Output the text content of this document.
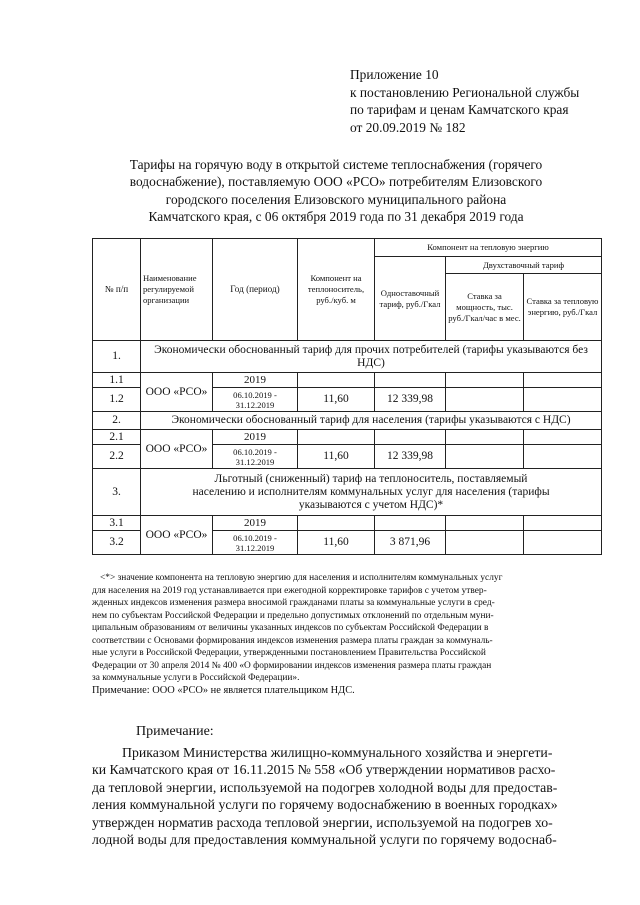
Приложение 10
к постановлению Региональной службы
по тарифам и ценам Камчатского края
от 20.09.2019 № 182
Тарифы на горячую воду в открытой системе теплоснабжения (горячего
водоснабжение), поставляемую ООО «РСО» потребителям Елизовского
городского поселения Елизовского муниципального района
Камчатского края, с 06 октября 2019 года по 31 декабря 2019 года
№ п/п	Наименование регулируемой организации	Год (период)	Компонент на теплоноситель, руб./куб. м	Компонент на тепловую энергию		
				Одноставочный тариф, руб./Гкал	Двухставочный тариф	
					Ставка за мощность, тыс. руб./Гкал/час в мес.	Ставка за тепловую энергию, руб./Гкал
1.	Экономически обоснованный тариф для прочих потребителей (тарифы указываются без НДС)					
1.1	ООО «РСО»	2019				
1.2		06.10.2019 - 31.12.2019	11,60	12 339,98		
2.	Экономически обоснованный тариф для населения (тарифы указываются с НДС)					
2.1	ООО «РСО»	2019				
2.2		06.10.2019 - 31.12.2019	11,60	12 339,98		
3.	Льготный (сниженный) тариф на теплоноситель, поставляемый населению и исполнителям коммунальных услуг для населения (тарифы указываются с учетом НДС)*					
3.1	ООО «РСО»	2019				
3.2		06.10.2019 - 31.12.2019	11,60	3 871,96		
<*> значение компонента на тепловую энергию для населения и исполнителям коммунальных услуг
для населения на 2019 год устанавливается при ежегодной корректировке тарифов с учетом утвер-
жденных индексов изменения размера вносимой гражданами платы за коммунальные услуги в сред-
нем по субъектам Российской Федерации и предельно допустимых отклонений по отдельным муни-
ципальным образованиям от величины указанных индексов по субъектам Российской Федерации в
соответствии с Основами формирования индексов изменения размера платы граждан за коммуналь-
ные услуги в Российской Федерации, утвержденными постановлением Правительства Российской
Федерации от 30 апреля 2014 № 400 «О формировании индексов изменения размера платы граждан
за коммунальные услуги в Российской Федерации».
Примечание: ООО «РСО» не является плательщиком НДС.
Примечание:
Приказом Министерства жилищно-коммунального хозяйства и энергети-
ки Камчатского края от 16.11.2015 № 558 «Об утверждении нормативов расхо-
да тепловой энергии, используемой на подогрев холодной воды для предостав-
ления коммунальной услуги по горячему водоснабжению в военных городках»
утвержден норматив расхода тепловой энергии, используемой на подогрев хо-
лодной воды для предоставления коммунальной услуги по горячему водоснаб-
